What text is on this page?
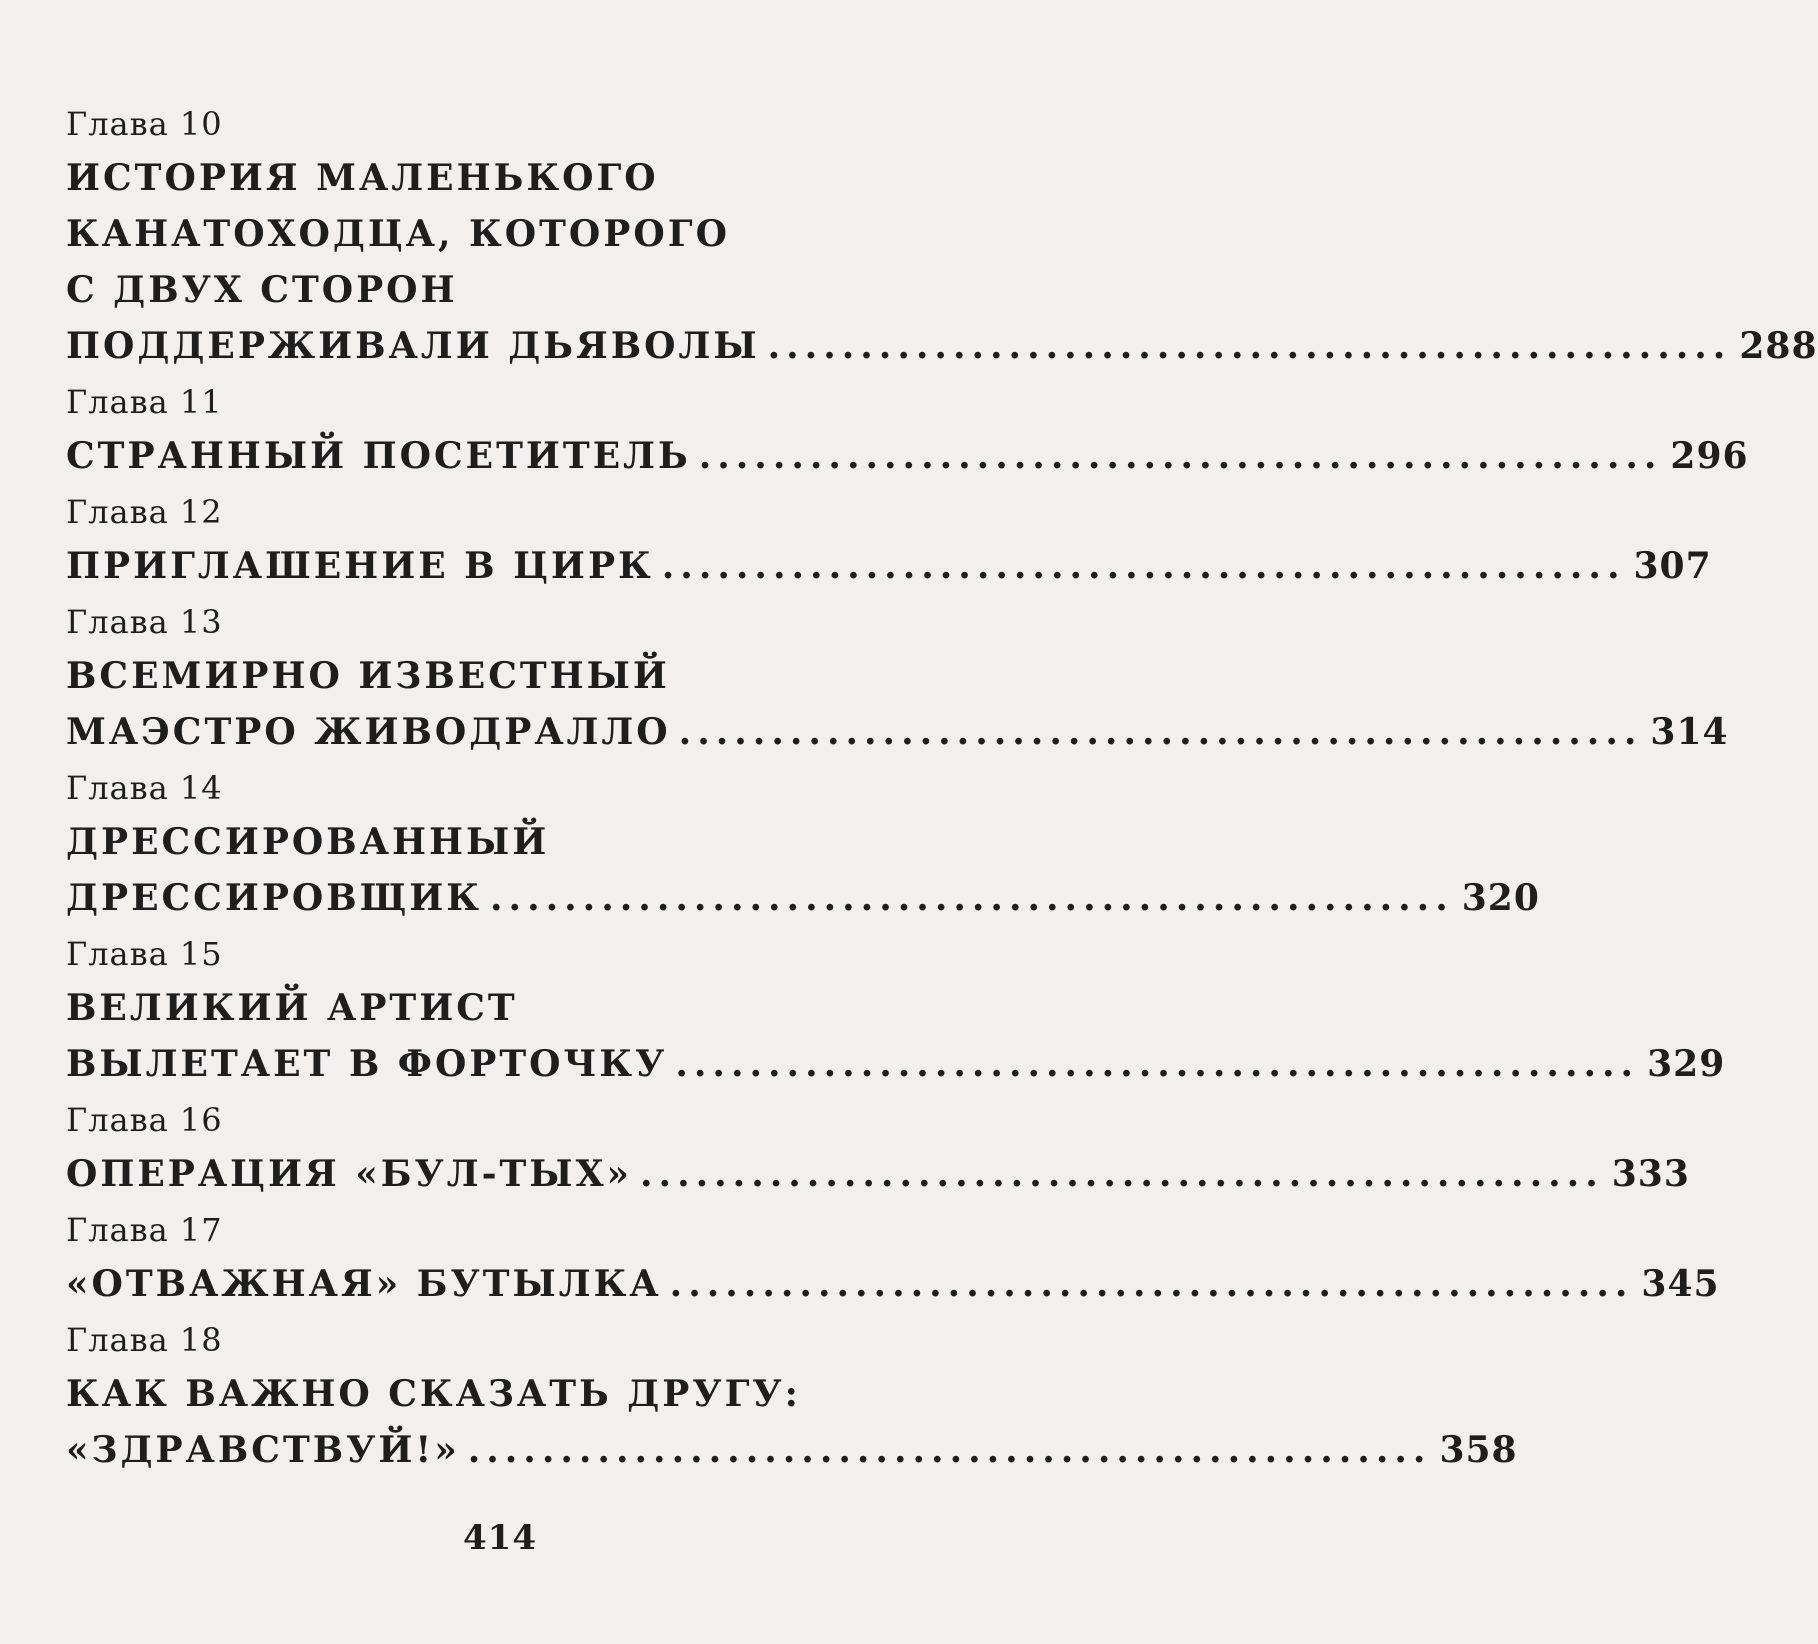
Глава 10
ИСТОРИЯ МАЛЕНЬКОГО
КАНАТОХОДЦА, КОТОРОГО
С ДВУХ СТОРОН
ПОДДЕРЖИВАЛИ ДЬЯВОЛЫ .................................................... 288
Глава 11
СТРАННЫЙ ПОСЕТИТЕЛЬ .................................................... 296
Глава 12
ПРИГЛАШЕНИЕ В ЦИРК .................................................... 307
Глава 13
ВСЕМИРНО ИЗВЕСТНЫЙ
МАЭСТРО ЖИВОДРАЛЛО .................................................... 314
Глава 14
ДРЕССИРОВАННЫЙ
ДРЕССИРОВЩИК .................................................... 320
Глава 15
ВЕЛИКИЙ АРТИСТ
ВЫЛЕТАЕТ В ФОРТОЧКУ .................................................... 329
Глава 16
ОПЕРАЦИЯ «БУЛ-ТЫХ» .................................................... 333
Глава 17
«ОТВАЖНАЯ» БУТЫЛКА .................................................... 345
Глава 18
КАК ВАЖНО СКАЗАТЬ ДРУГУ:
«ЗДРАВСТВУЙ!» .................................................... 358
414
